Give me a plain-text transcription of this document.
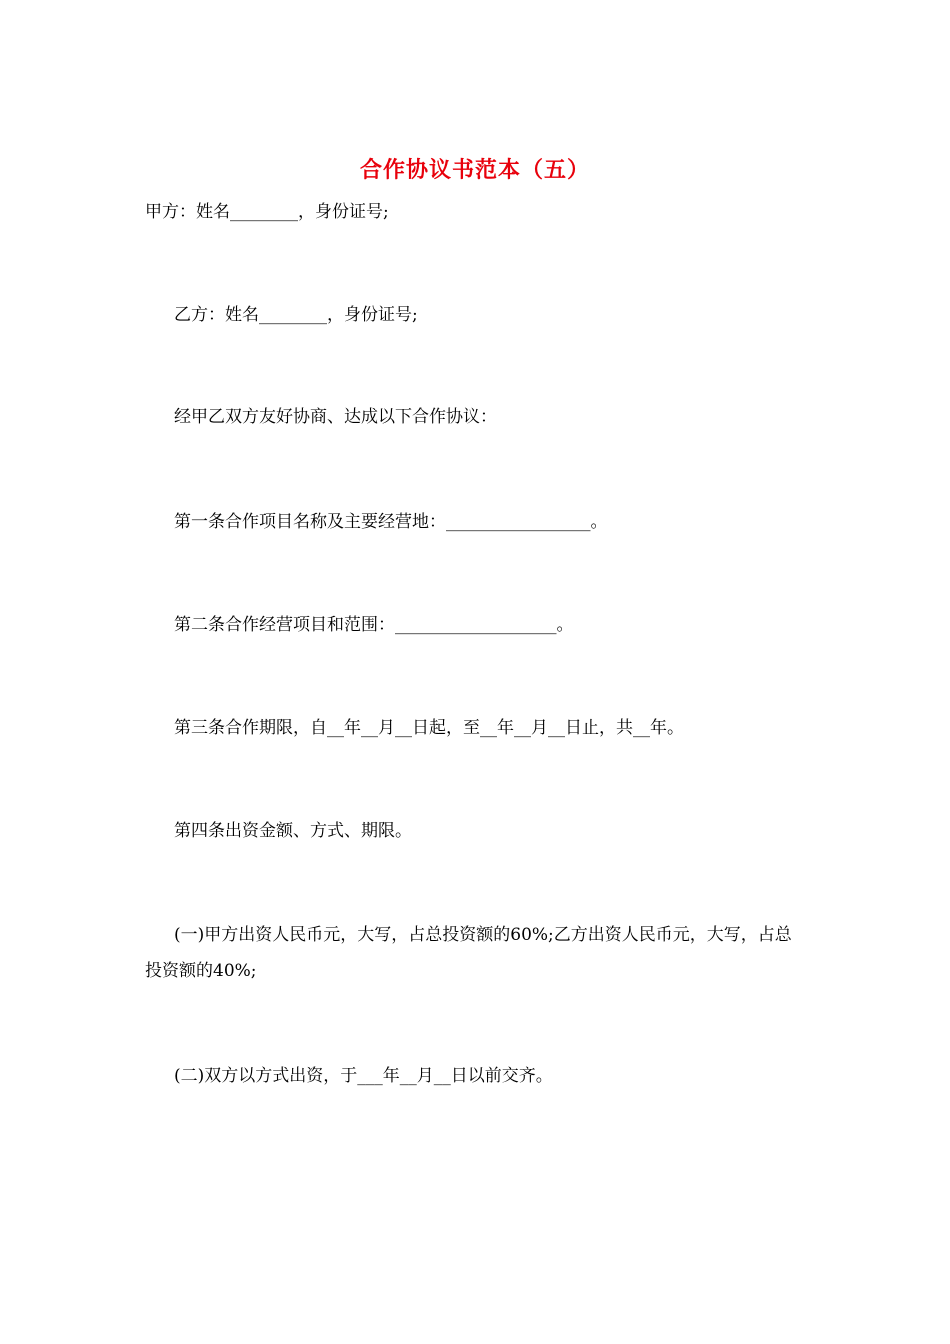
合作协议书范本（五）
甲方：姓名________，身份证号;
乙方：姓名________，身份证号;
经甲乙双方友好协商、达成以下合作协议：
第一条合作项目名称及主要经营地：_________________。
第二条合作经营项目和范围：___________________。
第三条合作期限，自__年__月__日起，至__年__月__日止，共__年。
第四条出资金额、方式、期限。
(一)甲方出资人民币元，大写，占总投资额的60%;乙方出资人民币元，大写，占总投资额的40%;
(二)双方以方式出资，于___年__月__日以前交齐。
